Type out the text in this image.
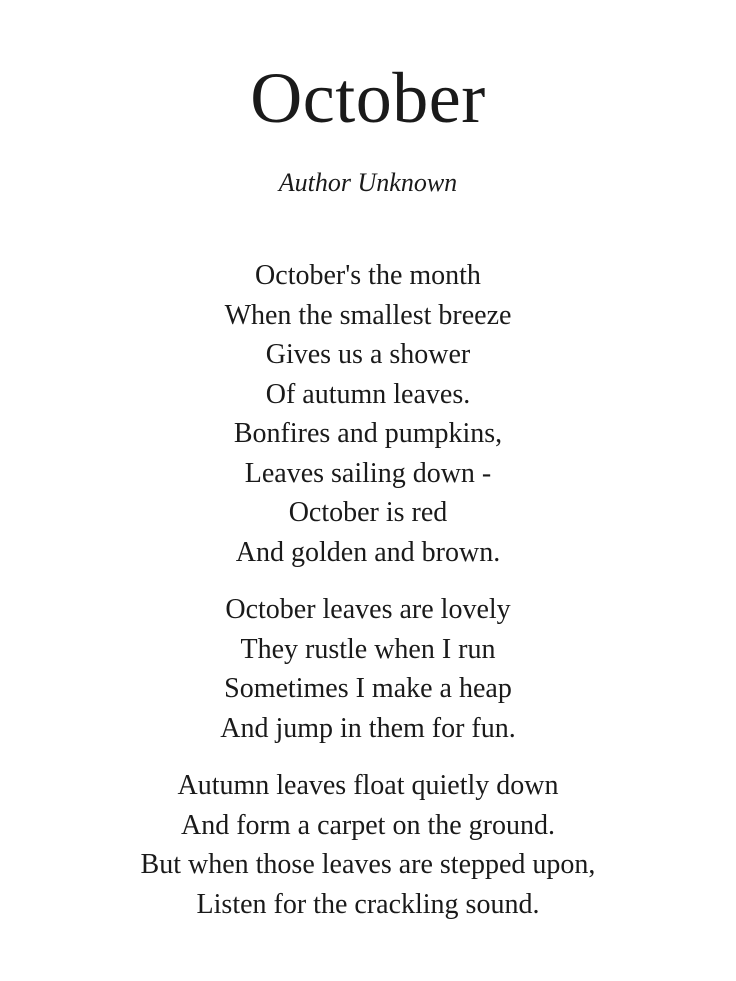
October
Author Unknown
October's the month
When the smallest breeze
Gives us a shower
Of autumn leaves.
Bonfires and pumpkins,
Leaves sailing down -
October is red
And golden and brown.
October leaves are lovely
They rustle when I run
Sometimes I make a heap
And jump in them for fun.
Autumn leaves float quietly down
And form a carpet on the ground.
But when those leaves are stepped upon,
Listen for the crackling sound.
